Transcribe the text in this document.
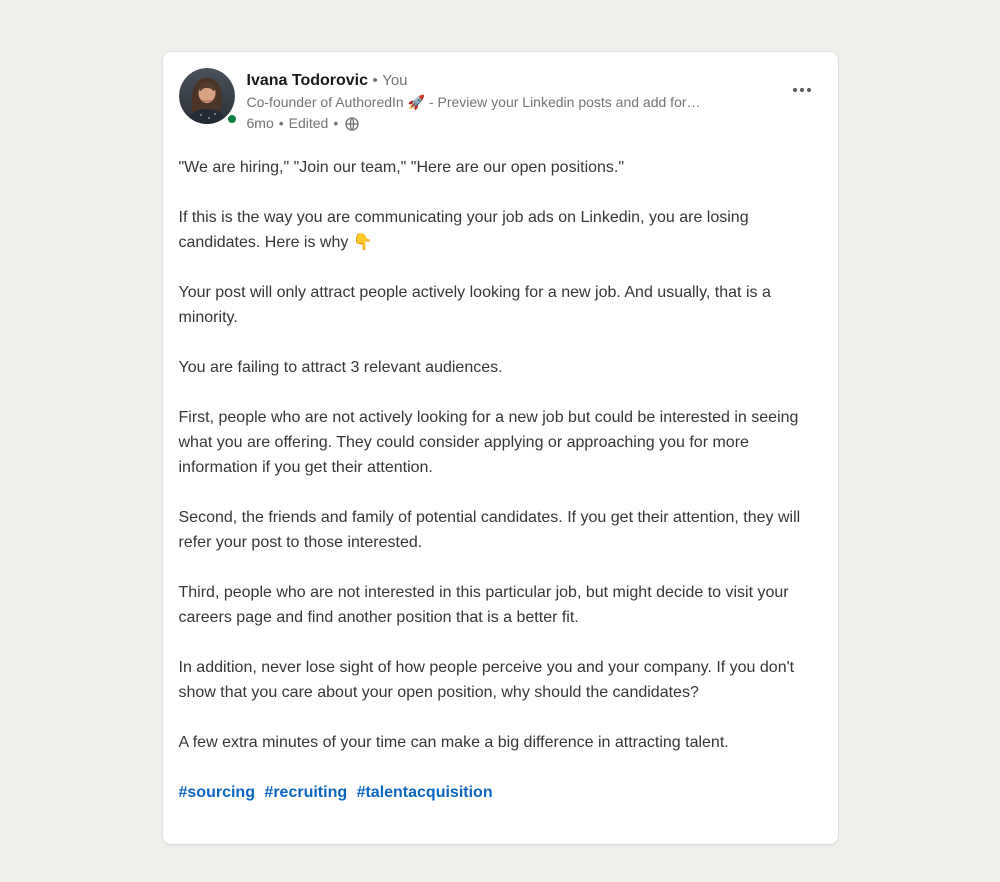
Ivana Todorovic • You
Co-founder of AuthoredIn 🚀 - Preview your Linkedin posts and add for…
6mo • Edited •

"We are hiring," "Join our team," "Here are our open positions."

If this is the way you are communicating your job ads on Linkedin, you are losing candidates. Here is why 👇

Your post will only attract people actively looking for a new job. And usually, that is a minority.

You are failing to attract 3 relevant audiences.

First, people who are not actively looking for a new job but could be interested in seeing what you are offering. They could consider applying or approaching you for more information if you get their attention.

Second, the friends and family of potential candidates. If you get their attention, they will refer your post to those interested.

Third, people who are not interested in this particular job, but might decide to visit your careers page and find another position that is a better fit.

In addition, never lose sight of how people perceive you and your company. If you don't show that you care about your open position, why should the candidates?

A few extra minutes of your time can make a big difference in attracting talent.

#sourcing #recruiting #talentacquisition
